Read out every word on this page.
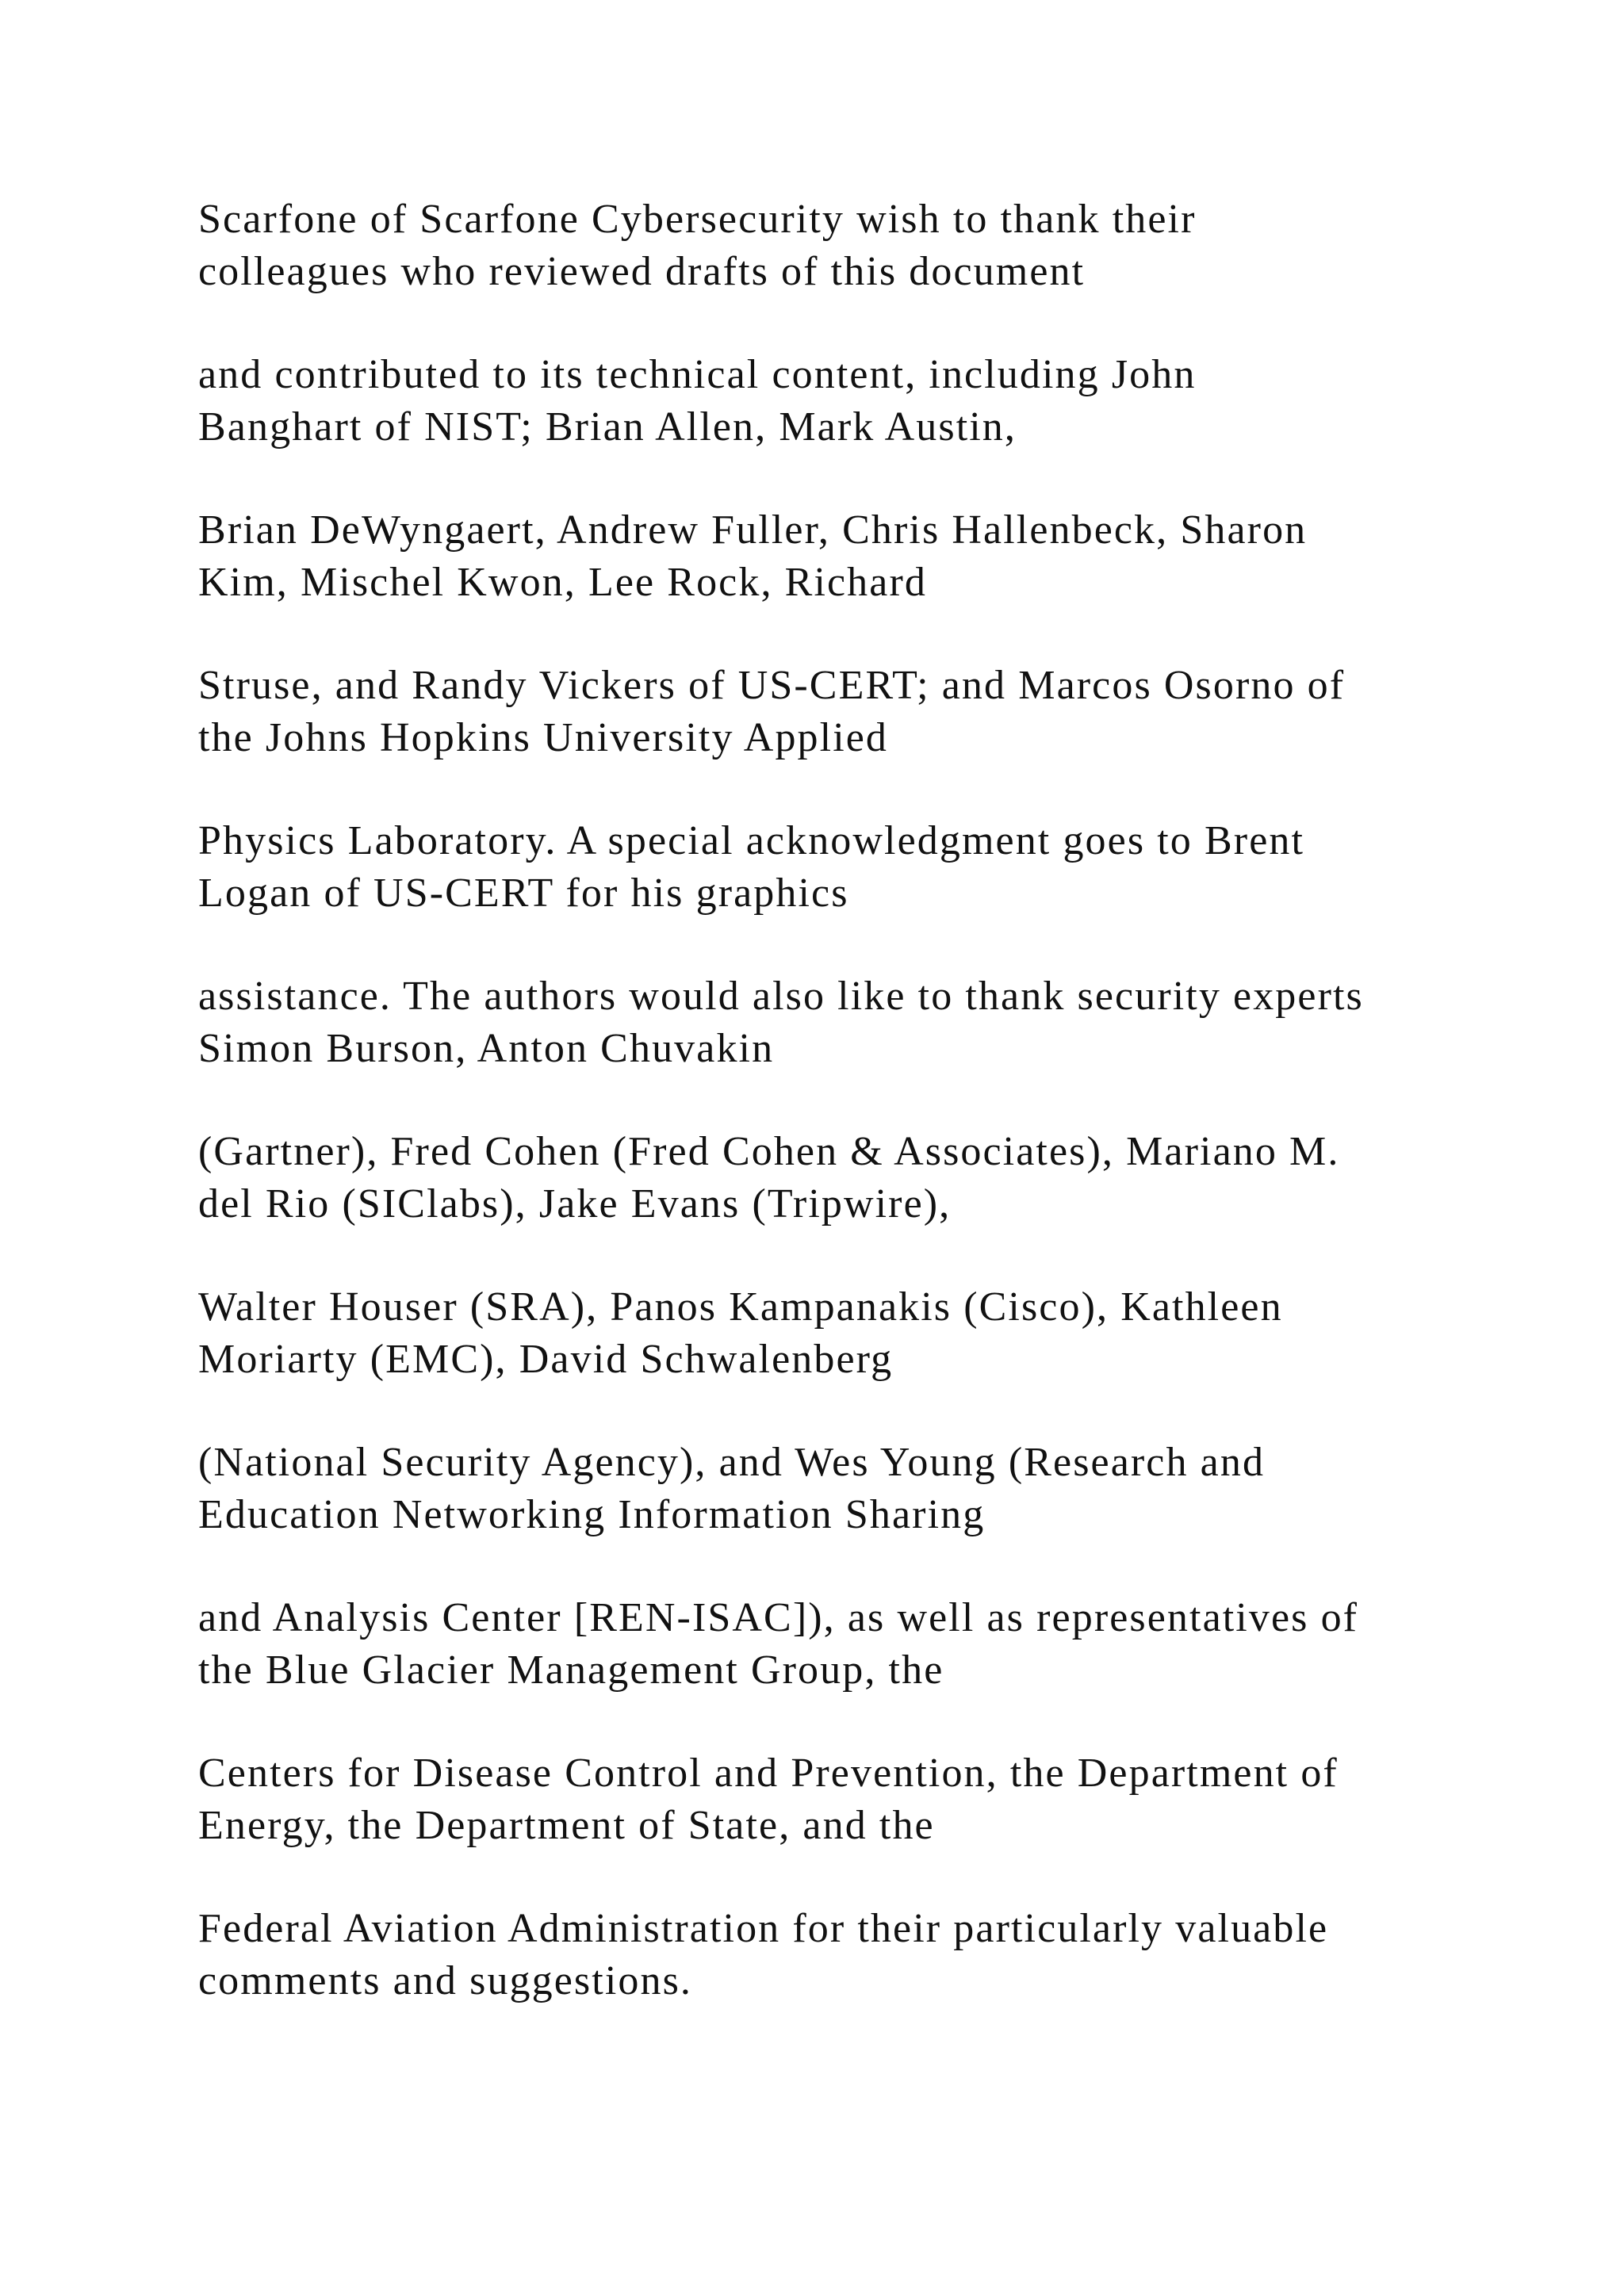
Scarfone of Scarfone Cybersecurity wish to thank their
colleagues who reviewed drafts of this document

and contributed to its technical content, including John
Banghart of NIST; Brian Allen, Mark Austin,

Brian DeWyngaert, Andrew Fuller, Chris Hallenbeck, Sharon
Kim, Mischel Kwon, Lee Rock, Richard

Struse, and Randy Vickers of US-CERT; and Marcos Osorno of
the Johns Hopkins University Applied

Physics Laboratory. A special acknowledgment goes to Brent
Logan of US-CERT for his graphics

assistance. The authors would also like to thank security experts
Simon Burson, Anton Chuvakin

(Gartner), Fred Cohen (Fred Cohen & Associates), Mariano M.
del Rio (SIClabs), Jake Evans (Tripwire),

Walter Houser (SRA), Panos Kampanakis (Cisco), Kathleen
Moriarty (EMC), David Schwalenberg

(National Security Agency), and Wes Young (Research and
Education Networking Information Sharing

and Analysis Center [REN-ISAC]), as well as representatives of
the Blue Glacier Management Group, the

Centers for Disease Control and Prevention, the Department of
Energy, the Department of State, and the

Federal Aviation Administration for their particularly valuable
comments and suggestions.
